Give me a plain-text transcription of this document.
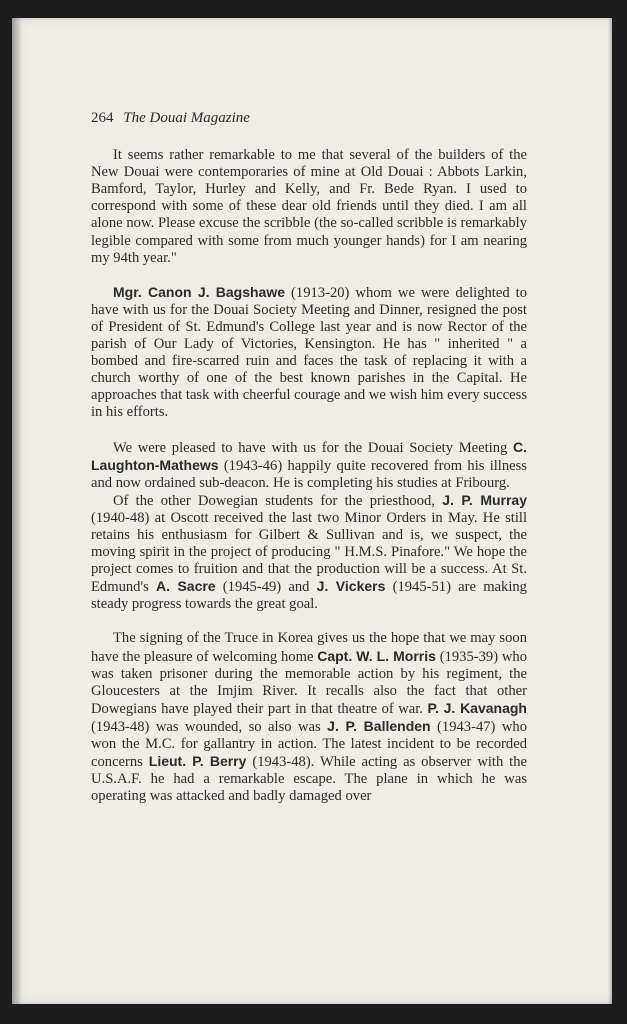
264 The Douai Magazine

It seems rather remarkable to me that several of the builders of the New Douai were contemporaries of mine at Old Douai : Abbots Larkin, Bamford, Taylor, Hurley and Kelly, and Fr. Bede Ryan. I used to correspond with some of these dear old friends until they died. I am all alone now. Please excuse the scribble (the so-called scribble is remarkably legible compared with some from much younger hands) for I am nearing my 94th year."

Mgr. Canon J. Bagshawe (1913-20) whom we were delighted to have with us for the Douai Society Meeting and Dinner, resigned the post of President of St. Edmund's College last year and is now Rector of the parish of Our Lady of Victories, Kensington. He has " inherited " a bombed and fire-scarred ruin and faces the task of replacing it with a church worthy of one of the best known parishes in the Capital. He approaches that task with cheerful courage and we wish him every success in his efforts.

We were pleased to have with us for the Douai Society Meeting C. Laughton-Mathews (1943-46) happily quite recovered from his illness and now ordained sub-deacon. He is completing his studies at Fribourg.

Of the other Dowegian students for the priesthood, J. P. Murray (1940-48) at Oscott received the last two Minor Orders in May. He still retains his enthusiasm for Gilbert & Sullivan and is, we suspect, the moving spirit in the project of producing " H.M.S. Pinafore." We hope the project comes to fruition and that the production will be a success. At St. Edmund's A. Sacre (1945-49) and J. Vickers (1945-51) are making steady progress towards the great goal.

The signing of the Truce in Korea gives us the hope that we may soon have the pleasure of welcoming home Capt. W. L. Morris (1935-39) who was taken prisoner during the memorable action by his regiment, the Gloucesters at the Imjim River. It recalls also the fact that other Dowegians have played their part in that theatre of war. P. J. Kavanagh (1943-48) was wounded, so also was J. P. Ballenden (1943-47) who won the M.C. for gallantry in action. The latest incident to be recorded concerns Lieut. P. Berry (1943-48). While acting as observer with the U.S.A.F. he had a remarkable escape. The plane in which he was operating was attacked and badly damaged over
